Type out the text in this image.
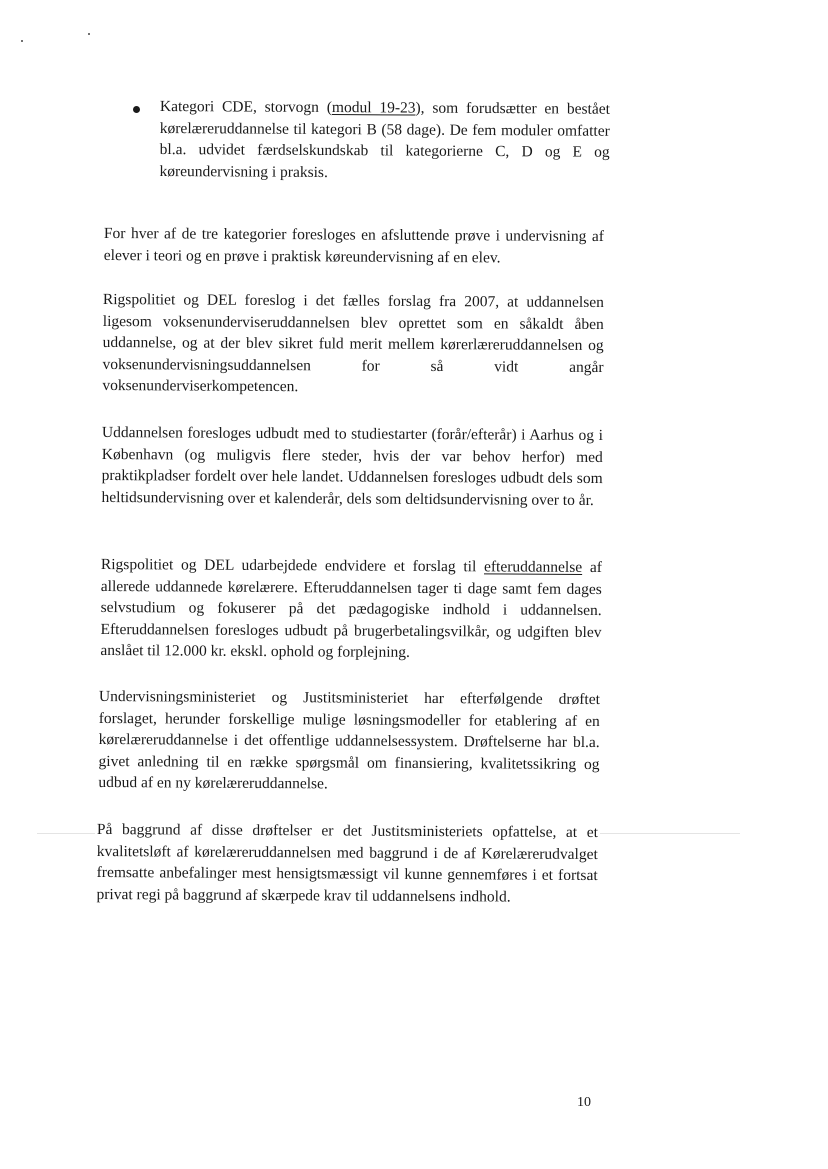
Kategori CDE, storvogn (modul 19-23), som forudsætter en bestået kørelæreruddannelse til kategori B (58 dage). De fem moduler omfatter bl.a. udvidet færdselskundskab til kategorierne C, D og E og køreundervisning i praksis.

For hver af de tre kategorier foresloges en afsluttende prøve i undervisning af elever i teori og en prøve i praktisk køreundervisning af en elev.

Rigspolitiet og DEL foreslog i det fælles forslag fra 2007, at uddannelsen ligesom voksenunderviseruddannelsen blev oprettet som en såkaldt åben uddannelse, og at der blev sikret fuld merit mellem kørerlæreruddannelsen og voksenundervisningsuddannelsen for så vidt angår voksenunderviserkompetencen.

Uddannelsen foresloges udbudt med to studiestarter (forår/efterår) i Aarhus og i København (og muligvis flere steder, hvis der var behov herfor) med praktikpladser fordelt over hele landet. Uddannelsen foresloges udbudt dels som heltidsundervisning over et kalenderår, dels som deltidsundervisning over to år.

Rigspolitiet og DEL udarbejdede endvidere et forslag til efteruddannelse af allerede uddannede kørelærere. Efteruddannelsen tager ti dage samt fem dages selvstudium og fokuserer på det pædagogiske indhold i uddannelsen. Efteruddannelsen foresloges udbudt på brugerbetalingsvilkår, og udgiften blev anslået til 12.000 kr. ekskl. ophold og forplejning.

Undervisningsministeriet og Justitsministeriet har efterfølgende drøftet forslaget, herunder forskellige mulige løsningsmodeller for etablering af en kørelæreruddannelse i det offentlige uddannelsessystem. Drøftelserne har bl.a. givet anledning til en række spørgsmål om finansiering, kvalitetssikring og udbud af en ny kørelæreruddannelse.

På baggrund af disse drøftelser er det Justitsministeriets opfattelse, at et kvalitetsløft af kørelæreruddannelsen med baggrund i de af Kørelærerudvalget fremsatte anbefalinger mest hensigtsmæssigt vil kunne gennemføres i et fortsat privat regi på baggrund af skærpede krav til uddannelsens indhold.

10
